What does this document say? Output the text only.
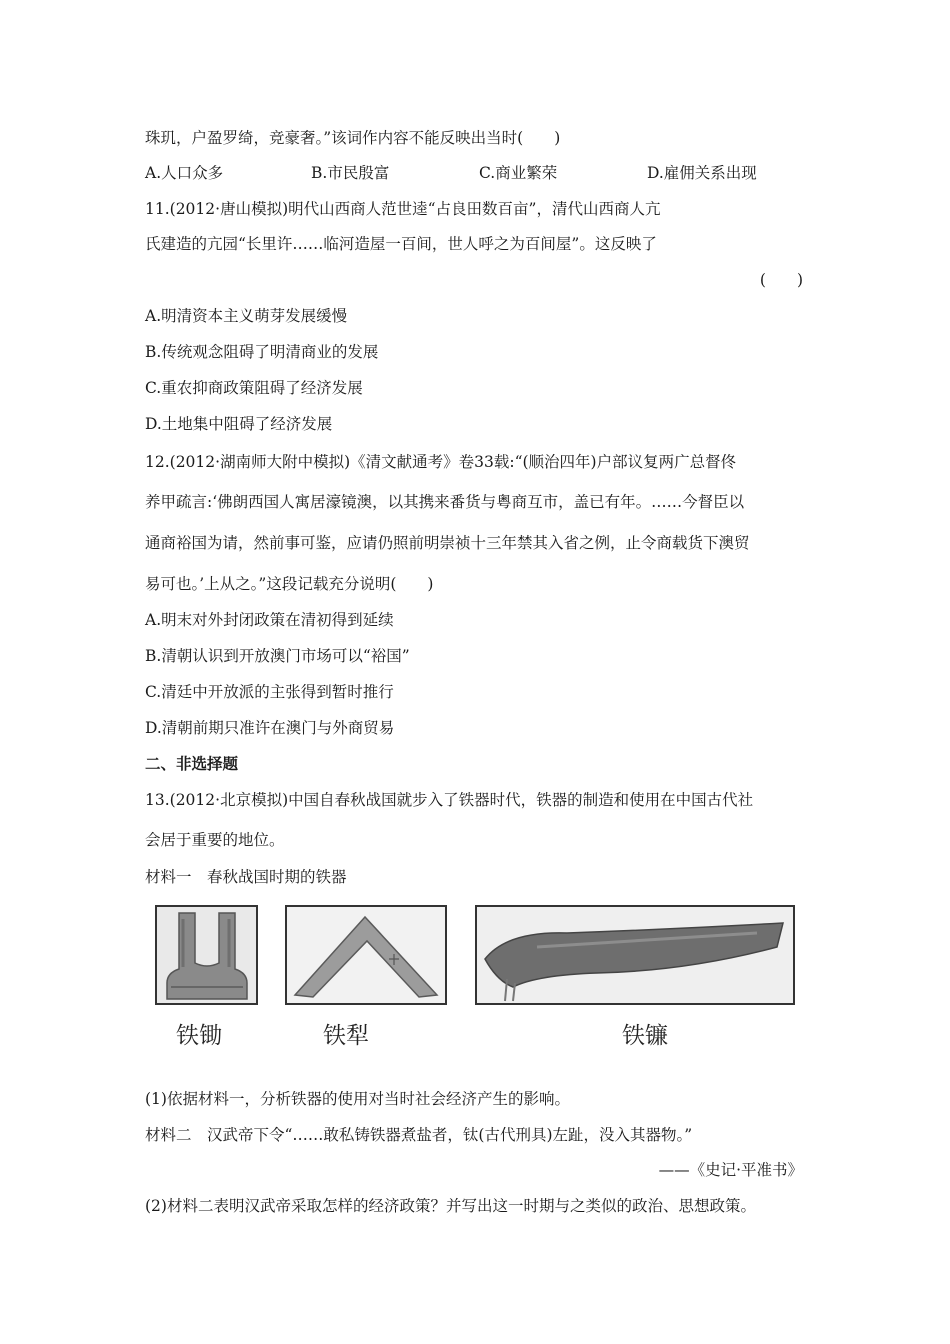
珠玑，户盈罗绮，竞豪奢。”该词作内容不能反映出当时(　　)
A.人口众多	B.市民殷富	C.商业繁荣	D.雇佣关系出现
11.(2012·唐山模拟)明代山西商人范世逵“占良田数百亩”，清代山西商人亢
氏建造的亢园“长里许……临河造屋一百间，世人呼之为百间屋”。这反映了
(　　)
A.明清资本主义萌芽发展缓慢
B.传统观念阻碍了明清商业的发展
C.重农抑商政策阻碍了经济发展
D.土地集中阻碍了经济发展
12.(2012·湖南师大附中模拟)《清文献通考》卷33载:“(顺治四年)户部议复两广总督佟
养甲疏言:‘佛朗西国人寓居濠镜澳，以其携来番货与粤商互市，盖已有年。……今督臣以
通商裕国为请，然前事可鉴，应请仍照前明崇祯十三年禁其入省之例，止令商载货下澳贸
易可也。’上从之。”这段记载充分说明(　　)
A.明末对外封闭政策在清初得到延续
B.清朝认识到开放澳门市场可以“裕国”
C.清廷中开放派的主张得到暂时推行
D.清朝前期只准许在澳门与外商贸易
二、非选择题
13.(2012·北京模拟)中国自春秋战国就步入了铁器时代，铁器的制造和使用在中国古代社
会居于重要的地位。
材料一　春秋战国时期的铁器
铁锄	铁犁	铁镰
(1)依据材料一，分析铁器的使用对当时社会经济产生的影响。
材料二　汉武帝下令“……敢私铸铁器煮盐者，钛(古代刑具)左趾，没入其器物。”
——《史记·平准书》
(2)材料二表明汉武帝采取怎样的经济政策？并写出这一时期与之类似的政治、思想政策。
